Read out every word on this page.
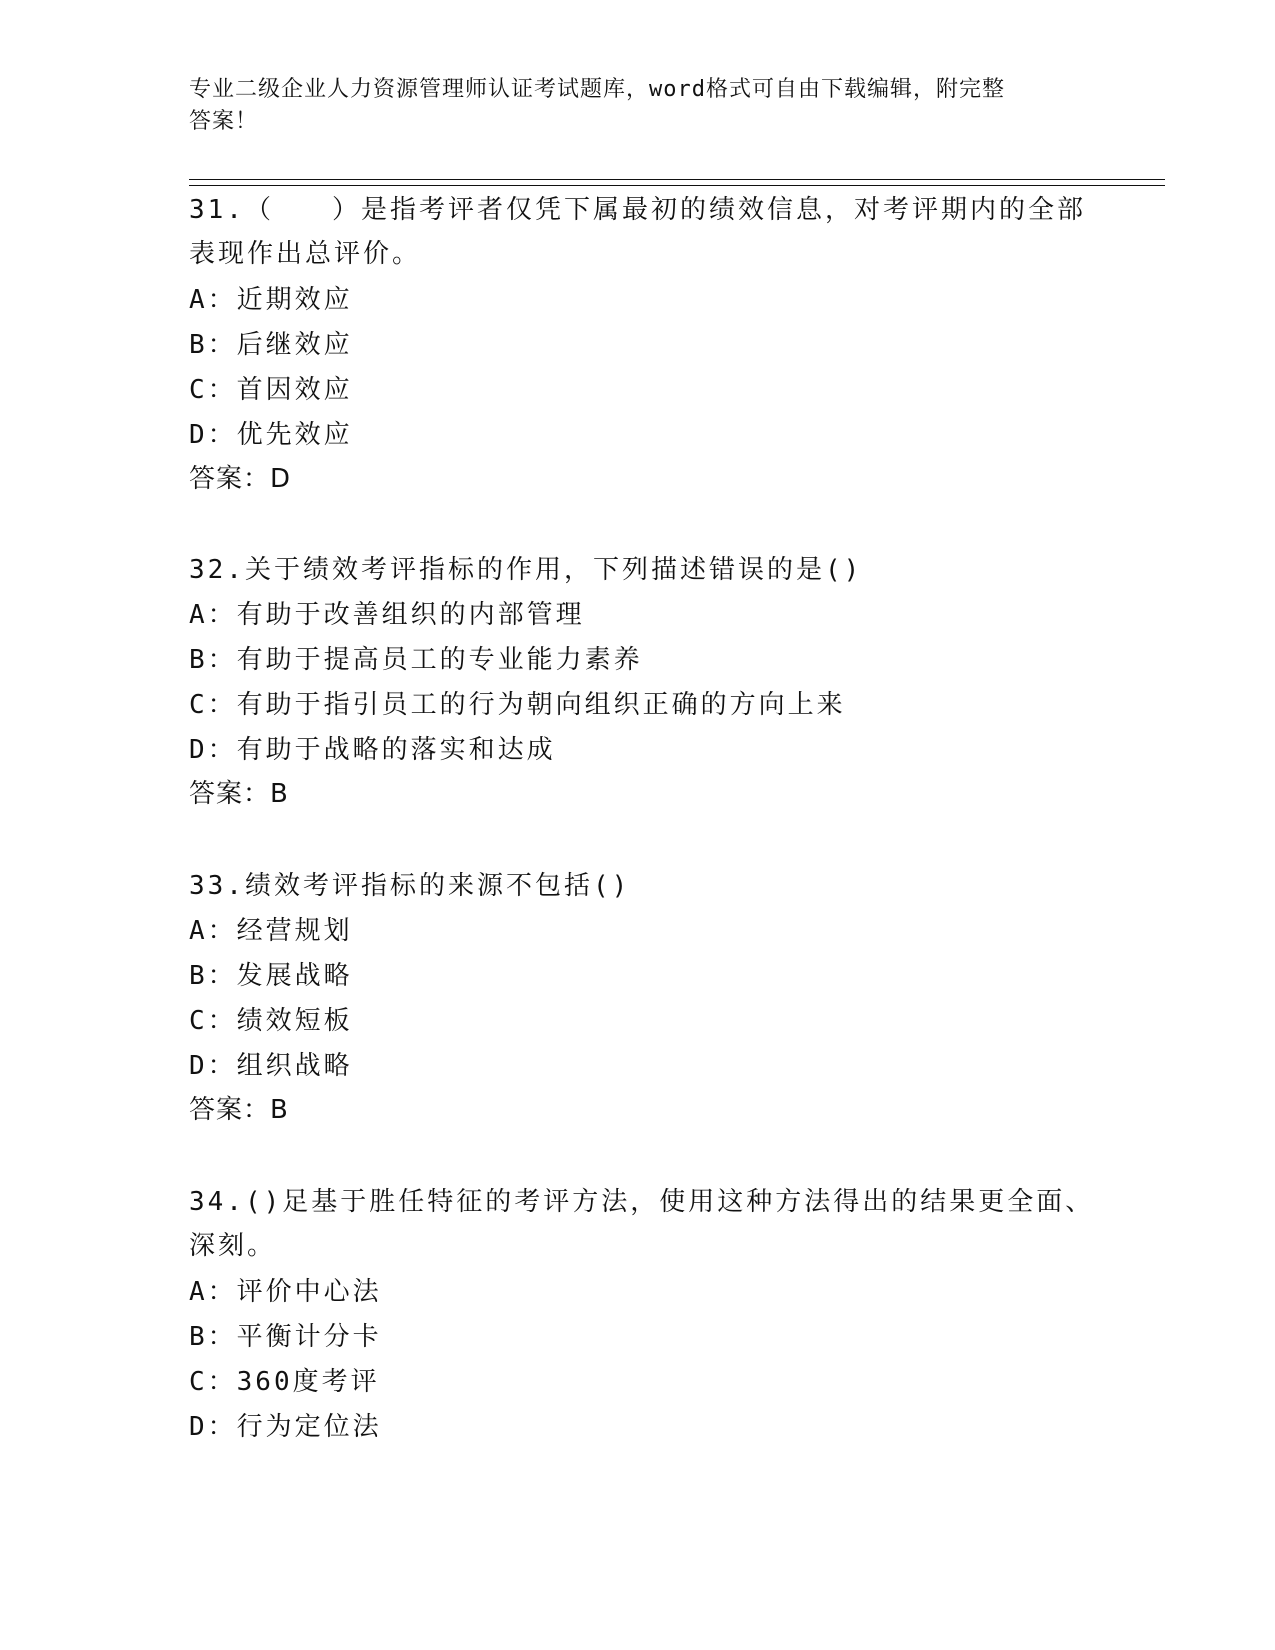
专业二级企业人力资源管理师认证考试题库，word格式可自由下载编辑，附完整
答案！
31.（　　）是指考评者仅凭下属最初的绩效信息，对考评期内的全部
表现作出总评价。
A：近期效应
B：后继效应
C：首因效应
D：优先效应
答案：D
32.关于绩效考评指标的作用，下列描述错误的是()
A：有助于改善组织的内部管理
B：有助于提高员工的专业能力素养
C：有助于指引员工的行为朝向组织正确的方向上来
D：有助于战略的落实和达成
答案：B
33.绩效考评指标的来源不包括()
A：经营规划
B：发展战略
C：绩效短板
D：组织战略
答案：B
34.()足基于胜任特征的考评方法，使用这种方法得出的结果更全面、
深刻。
A：评价中心法
B：平衡计分卡
C：360度考评
D：行为定位法
